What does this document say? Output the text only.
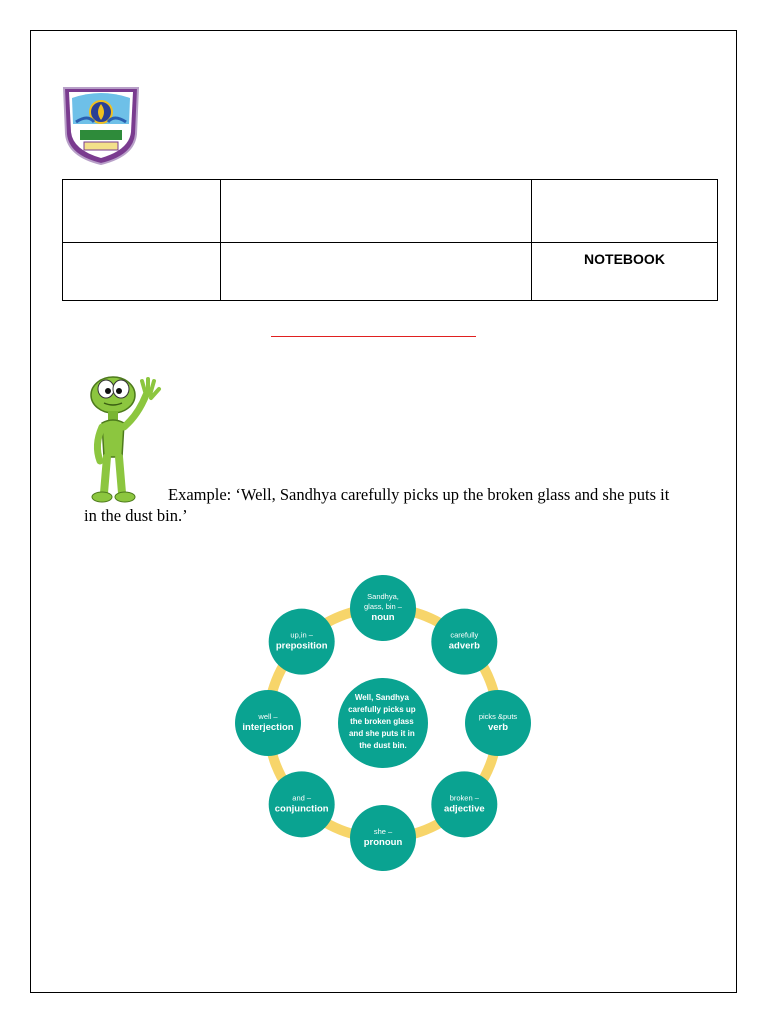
		NOTEBOOK

Example: ‘Well, Sandhya carefully picks up the broken glass and she puts it in the dust bin.’

Sandhya,
glass, bin –
noun
carefully
adverb
picks &puts
verb
broken –
adjective
she –
pronoun
and –
conjunction
well –
interjection
up,in –
preposition
Well, Sandhya carefully picks up the broken glass and she puts it in the dust bin.
